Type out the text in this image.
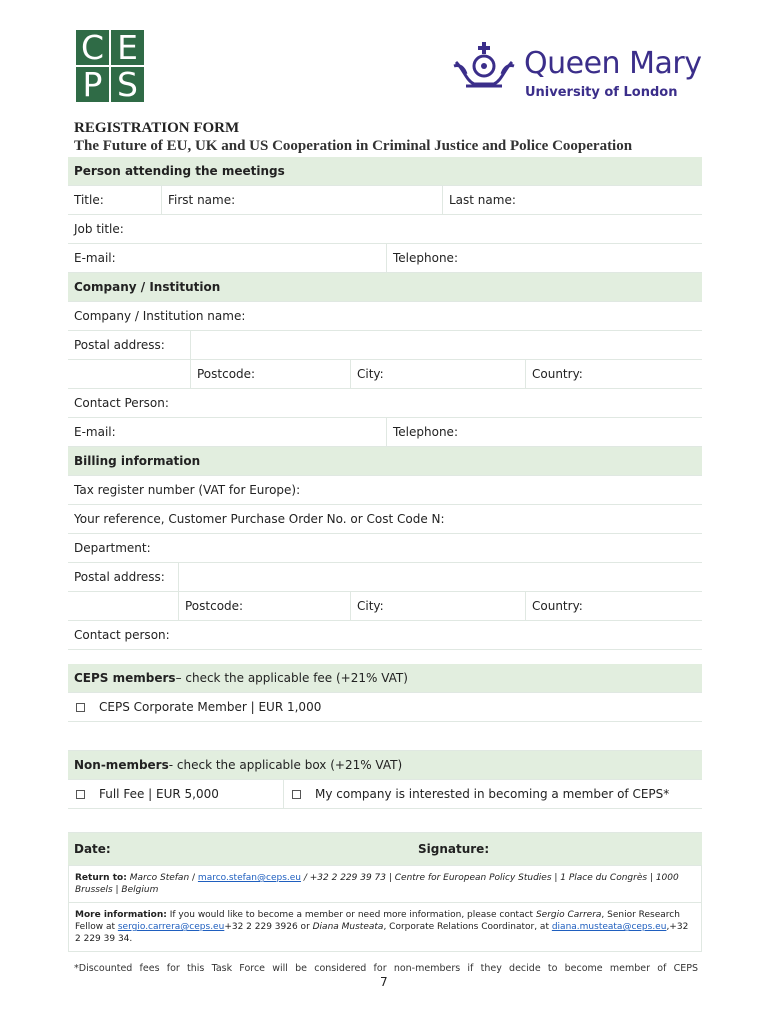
C E
P S
Queen Mary
University of London
REGISTRATION FORM
The Future of EU, UK and US Cooperation in Criminal Justice and Police Cooperation
Person attending the meetings
Title:	First name:	Last name:
Job title:
E-mail:	Telephone:
Company / Institution
Company / Institution name:
Postal address:
Postcode:	City:	Country:
Contact Person:
E-mail:	Telephone:
Billing information
Tax register number (VAT for Europe):
Your reference, Customer Purchase Order No. or Cost Code N:
Department:
Postal address:
Postcode:	City:	Country:
Contact person:
CEPS members – check the applicable fee (+21% VAT)
CEPS Corporate Member | EUR 1,000
Non-members - check the applicable box (+21% VAT)
Full Fee | EUR 5,000	My company is interested in becoming a member of CEPS*
Date:	Signature:
Return to: Marco Stefan / marco.stefan@ceps.eu / +32 2 229 39 73 | Centre for European Policy Studies | 1 Place du Congrès | 1000 Brussels | Belgium
More information: If you would like to become a member or need more information, please contact Sergio Carrera, Senior Research Fellow at sergio.carrera@ceps.eu+32 2 229 3926 or Diana Musteata, Corporate Relations Coordinator, at diana.musteata@ceps.eu,+32 2 229 39 34.
*Discounted fees for this Task Force will be considered for non-members if they decide to become member of CEPS
7
